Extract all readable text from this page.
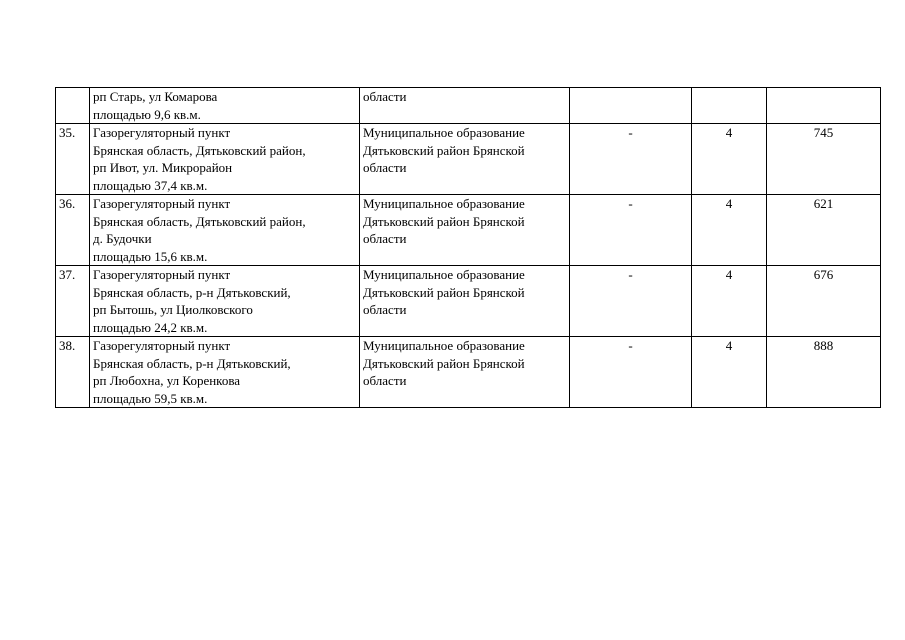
	рп Старь, ул Комарова
площадью 9,6 кв.м.	области			

35.	Газорегуляторный пункт
Брянская область, Дятьковский район,
рп Ивот, ул. Микрорайон
площадью 37,4 кв.м.	Муниципальное образование
Дятьковский район Брянской
области	-	4	745
36.	Газорегуляторный пункт
Брянская область, Дятьковский район,
д. Будочки
площадью 15,6 кв.м.	Муниципальное образование
Дятьковский район Брянской
области	-	4	621
37.	Газорегуляторный пункт
Брянская область, р-н Дятьковский,
рп Бытошь, ул Циолковского
площадью 24,2 кв.м.	Муниципальное образование
Дятьковский район Брянской
области	-	4	676
38.	Газорегуляторный пункт
Брянская область, р-н Дятьковский,
рп Любохна, ул Коренкова
площадью 59,5 кв.м.	Муниципальное образование
Дятьковский район Брянской
области	-	4	888
